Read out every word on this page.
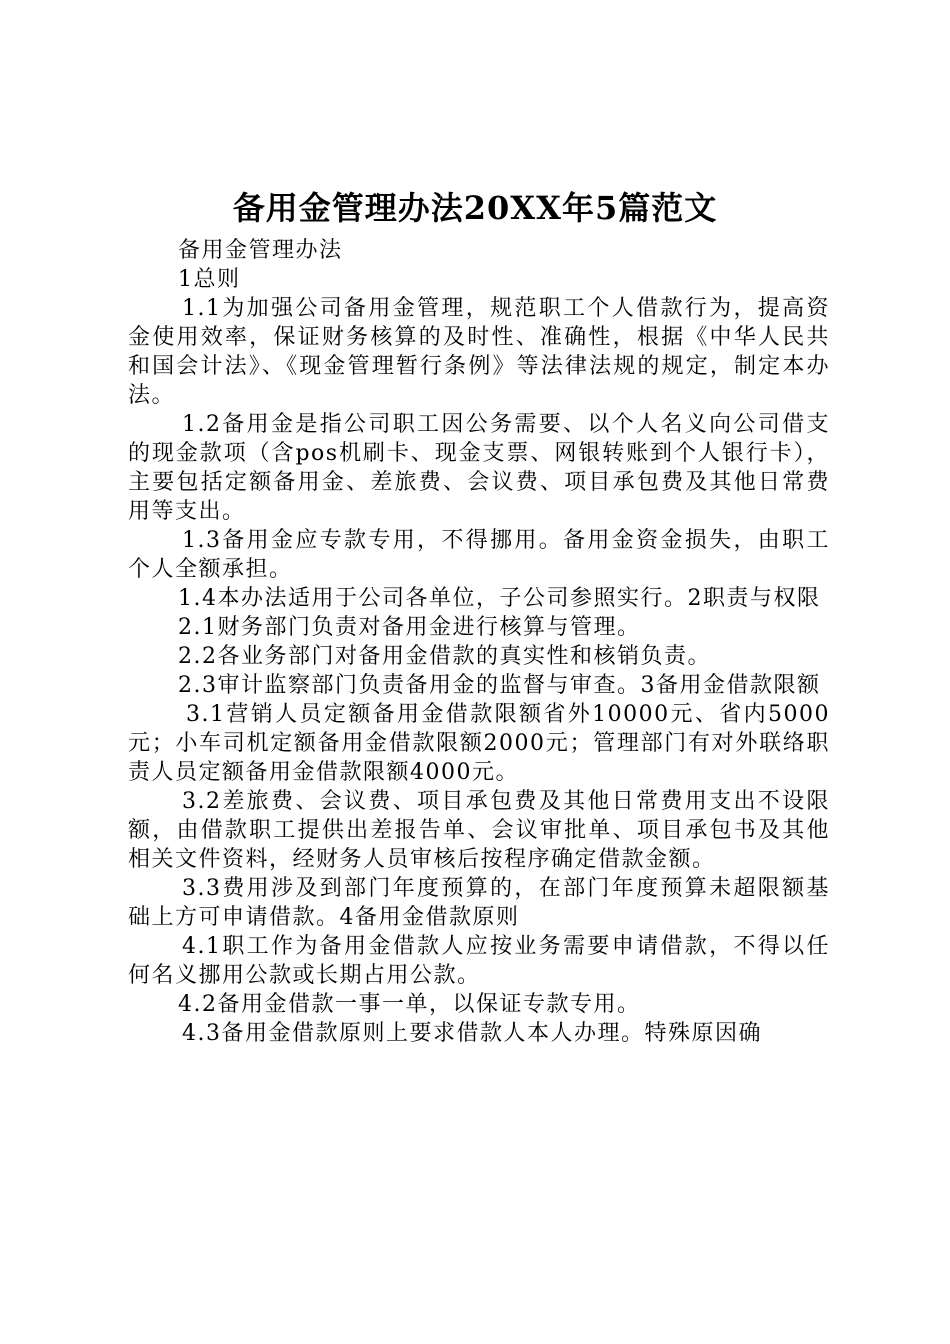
备用金管理办法20XX年5篇范文

备用金管理办法

1总则

1.1为加强公司备用金管理，规范职工个人借款行为，提高资金使用效率，保证财务核算的及时性、准确性，根据《中华人民共和国会计法》、《现金管理暂行条例》等法律法规的规定，制定本办法。

1.2备用金是指公司职工因公务需要、以个人名义向公司借支的现金款项（含pos机刷卡、现金支票、网银转账到个人银行卡），主要包括定额备用金、差旅费、会议费、项目承包费及其他日常费用等支出。

1.3备用金应专款专用，不得挪用。备用金资金损失，由职工个人全额承担。

1.4本办法适用于公司各单位，子公司参照实行。2职责与权限

2.1财务部门负责对备用金进行核算与管理。

2.2各业务部门对备用金借款的真实性和核销负责。

2.3审计监察部门负责备用金的监督与审查。3备用金借款限额

3.1营销人员定额备用金借款限额省外10000元、省内5000元；小车司机定额备用金借款限额2000元；管理部门有对外联络职责人员定额备用金借款限额4000元。

3.2差旅费、会议费、项目承包费及其他日常费用支出不设限额，由借款职工提供出差报告单、会议审批单、项目承包书及其他相关文件资料，经财务人员审核后按程序确定借款金额。

3.3费用涉及到部门年度预算的，在部门年度预算未超限额基础上方可申请借款。4备用金借款原则

4.1职工作为备用金借款人应按业务需要申请借款，不得以任何名义挪用公款或长期占用公款。

4.2备用金借款一事一单，以保证专款专用。

4.3备用金借款原则上要求借款人本人办理。特殊原因确
